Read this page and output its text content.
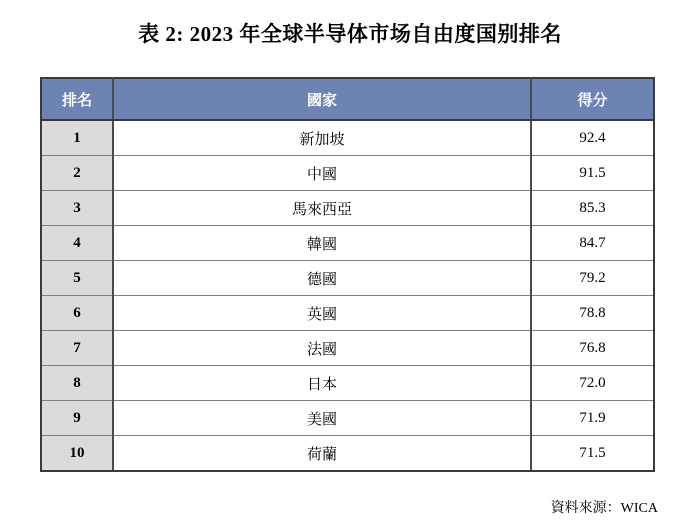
表 2: 2023 年全球半导体市场自由度国别排名
排名	國家	得分
1	新加坡	92.4
2	中國	91.5
3	馬來西亞	85.3
4	韓國	84.7
5	德國	79.2
6	英國	78.8
7	法國	76.8
8	日本	72.0
9	美國	71.9
10	荷蘭	71.5
資料來源：WICA
